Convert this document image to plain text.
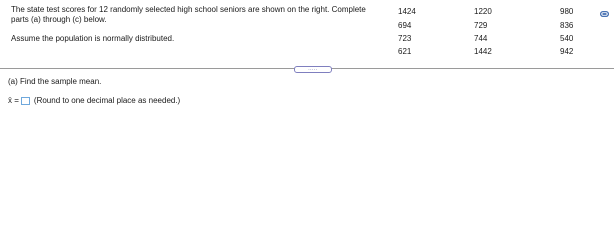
The state test scores for 12 randomly selected high school seniors are shown on the right. Complete
parts (a) through (c) below.
Assume the population is normally distributed.
1424	1220	980
694	729	836
723	744	540
621	1442	942
.....
(a) Find the sample mean.
x̄ = (Round to one decimal place as needed.)
